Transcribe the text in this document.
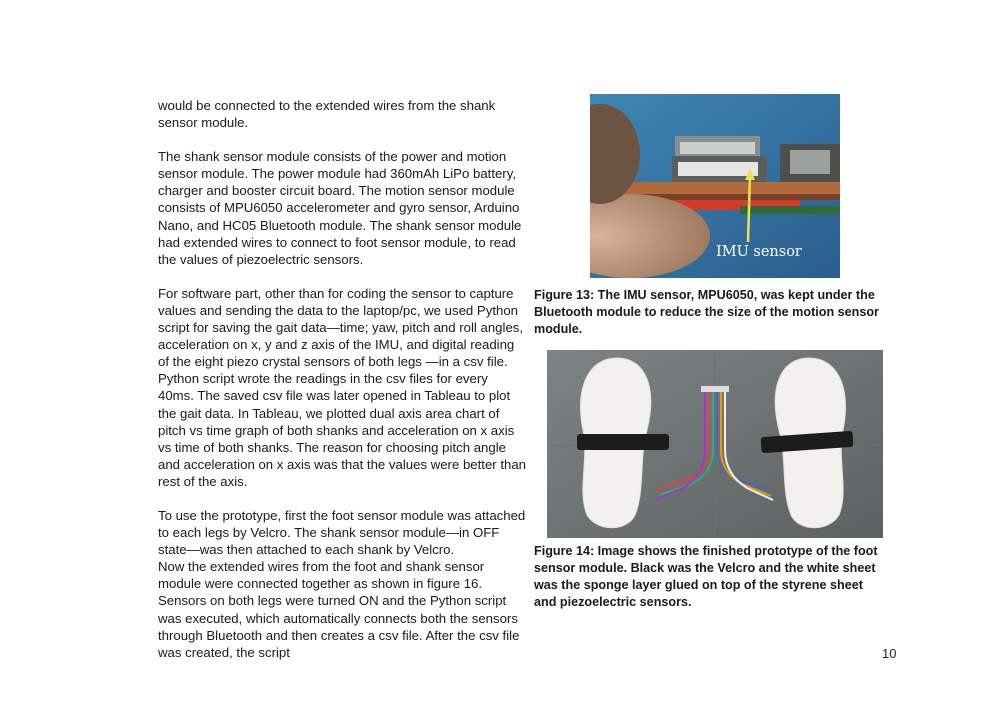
would be connected to the extended wires from the shank sensor module.

The shank sensor module consists of the power and motion sensor module. The power module had 360mAh LiPo battery, charger and booster circuit board. The motion sensor module consists of MPU6050 accelerometer and gyro sensor, Arduino Nano, and HC05 Bluetooth module. The shank sensor module had extended wires to connect to foot sensor module, to read the values of piezoelectric sensors.

For software part, other than for coding the sensor to capture values and sending the data to the laptop/pc, we used Python script for saving the gait data—time; yaw, pitch and roll angles, acceleration on x, y and z axis of the IMU, and digital reading of the eight piezo crystal sensors of both legs —in a csv file. Python script wrote the readings in the csv files for every 40ms. The saved csv file was later opened in Tableau to plot the gait data. In Tableau, we plotted dual axis area chart of pitch vs time graph of both shanks and acceleration on x axis vs time of both shanks. The reason for choosing pitch angle and acceleration on x axis was that the values were better than rest of the axis.

To use the prototype, first the foot sensor module was attached to each legs by Velcro. The shank sensor module—in OFF state—was then attached to each shank by Velcro.

Now the extended wires from the foot and shank sensor module were connected together as shown in figure 16. Sensors on both legs were turned ON and the Python script was executed, which automatically connects both the sensors through Bluetooth and then creates a csv file. After the csv file was created, the script

IMU sensor
Figure 13: The IMU sensor, MPU6050, was kept under the Bluetooth module to reduce the size of the motion sensor module.
Figure 14: Image shows the finished prototype of the foot sensor module. Black was the Velcro and the white sheet was the sponge layer glued on top of the styrene sheet and piezoelectric sensors.
10
